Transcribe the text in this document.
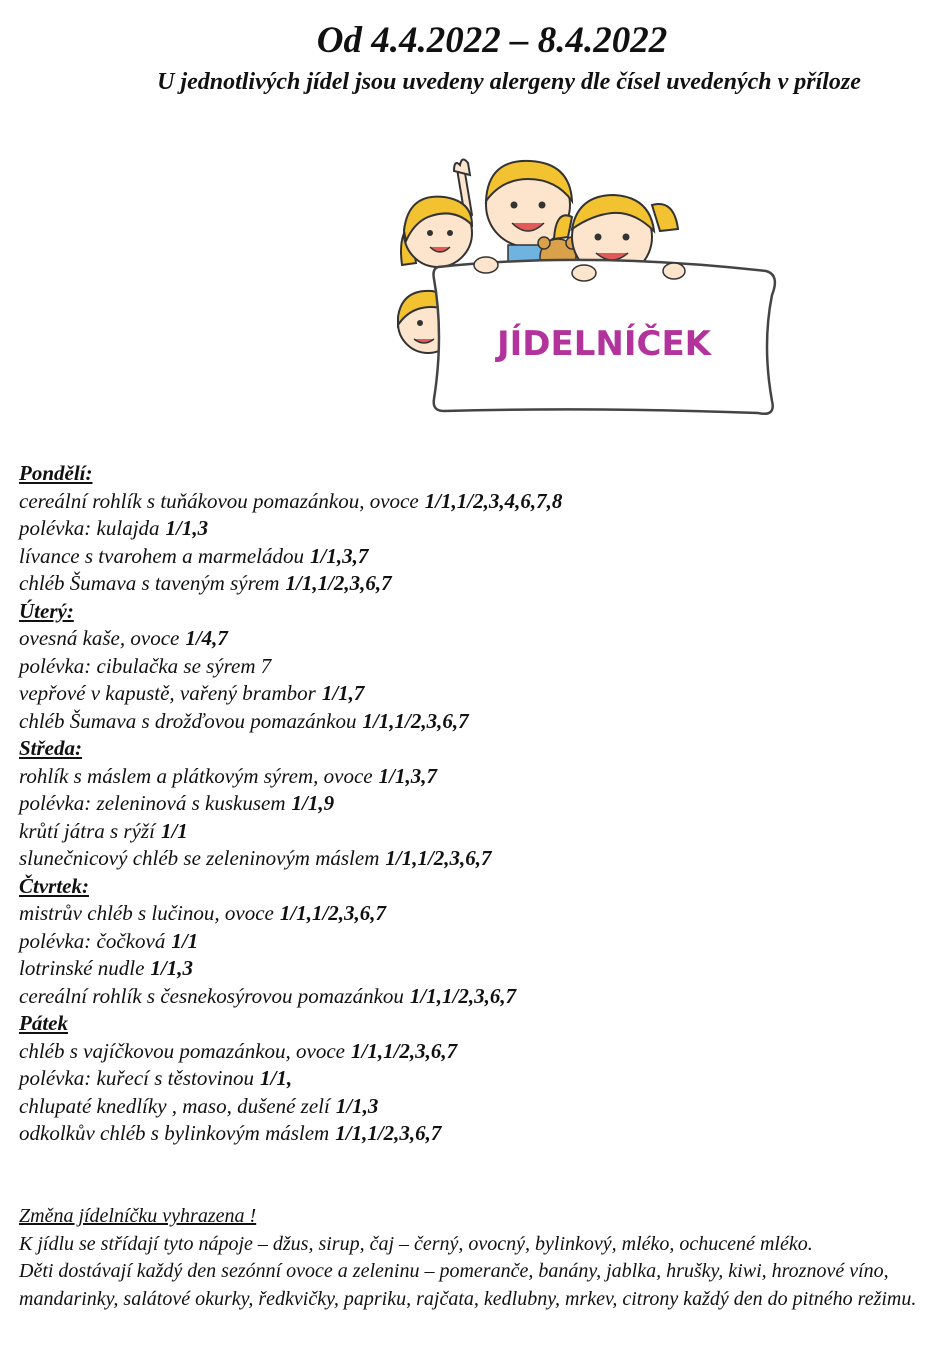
Od 4.4.2022 – 8.4.2022
U jednotlivých jídel jsou uvedeny alergeny dle čísel uvedených v příloze
JÍDELNÍČEK
Pondělí:
cereální rohlík s tuňákovou pomazánkou, ovoce 1/1,1/2,3,4,6,7,8
polévka: kulajda 1/1,3
lívance s tvarohem a marmeládou 1/1,3,7
chléb Šumava s taveným sýrem 1/1,1/2,3,6,7
Úterý:
ovesná kaše, ovoce 1/4,7
polévka: cibulačka se sýrem 7
vepřové v kapustě, vařený brambor 1/1,7
chléb Šumava s drožďovou pomazánkou 1/1,1/2,3,6,7
Středa:
rohlík s máslem a plátkovým sýrem, ovoce 1/1,3,7
polévka: zeleninová s kuskusem 1/1,9
krůtí játra s rýží 1/1
slunečnicový chléb se zeleninovým máslem 1/1,1/2,3,6,7
Čtvrtek:
mistrův chléb s lučinou, ovoce 1/1,1/2,3,6,7
polévka: čočková 1/1
lotrinské nudle 1/1,3
cereální rohlík s česnekosýrovou pomazánkou 1/1,1/2,3,6,7
Pátek
chléb s vajíčkovou pomazánkou, ovoce 1/1,1/2,3,6,7
polévka: kuřecí s těstovinou 1/1,
chlupaté knedlíky , maso, dušené zelí 1/1,3
odkolkův chléb s bylinkovým máslem 1/1,1/2,3,6,7

Změna jídelníčku vyhrazena !

K jídlu se střídají tyto nápoje – džus, sirup, čaj – černý, ovocný, bylinkový, mléko, ochucené mléko.

Děti dostávají každý den sezónní ovoce a zeleninu – pomeranče, banány, jablka, hrušky, kiwi, hroznové víno, mandarinky, salátové okurky, ředkvičky, papriku, rajčata, kedlubny, mrkev, citrony každý den do pitného režimu.
